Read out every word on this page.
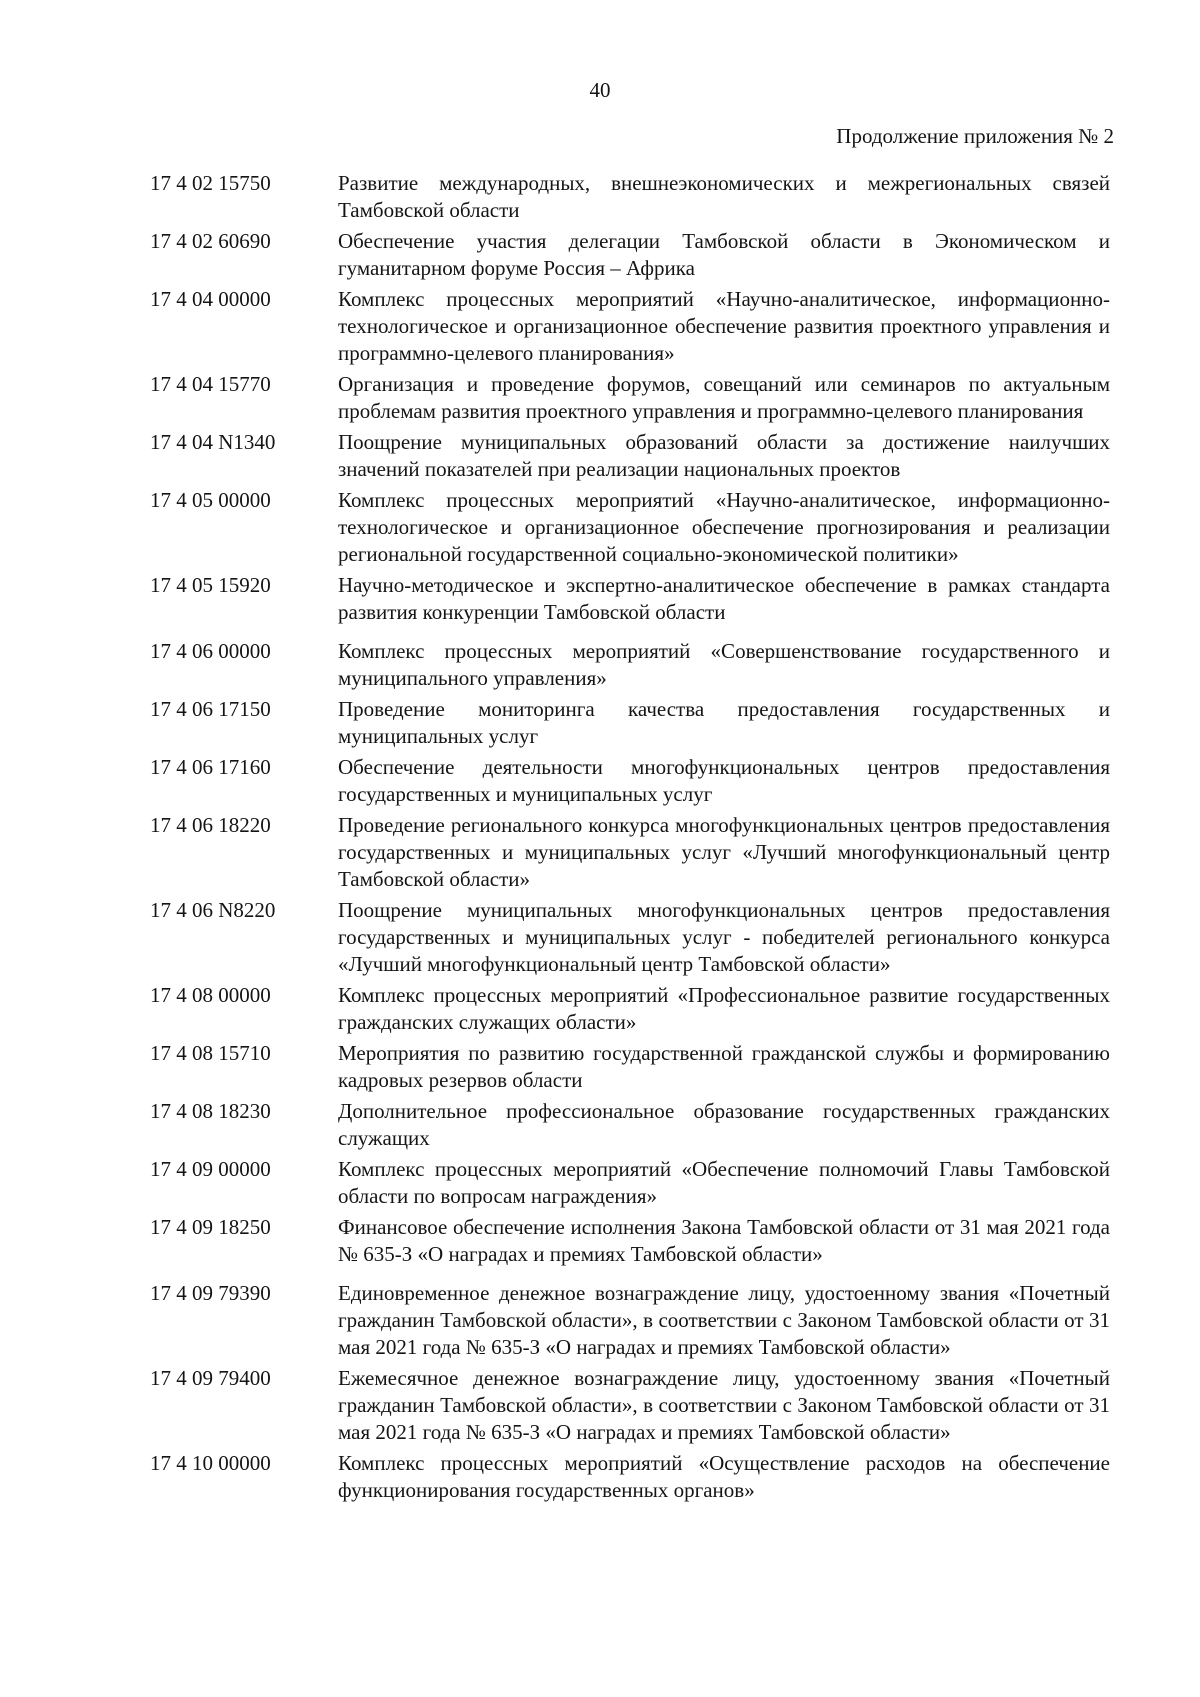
40
Продолжение приложения № 2
17 4 02 15750	Развитие международных, внешнеэкономических и межрегиональных связей Тамбовской области
17 4 02 60690	Обеспечение участия делегации Тамбовской области в Экономическом и гуманитарном форуме Россия – Африка
17 4 04 00000	Комплекс процессных мероприятий «Научно-аналитическое, информационно-технологическое и организационное обеспечение развития проектного управления и программно-целевого планирования»
17 4 04 15770	Организация и проведение форумов, совещаний или семинаров по актуальным проблемам развития проектного управления и программно-целевого планирования
17 4 04 N1340	Поощрение муниципальных образований области за достижение наилучших значений показателей при реализации национальных проектов
17 4 05 00000	Комплекс процессных мероприятий «Научно-аналитическое, информационно-технологическое и организационное обеспечение прогнозирования и реализации региональной государственной социально-экономической политики»
17 4 05 15920	Научно-методическое и экспертно-аналитическое обеспечение в рамках стандарта развития конкуренции Тамбовской области
17 4 06 00000	Комплекс процессных мероприятий «Совершенствование государственного и муниципального управления»
17 4 06 17150	Проведение мониторинга качества предоставления государственных и муниципальных услуг
17 4 06 17160	Обеспечение деятельности многофункциональных центров предоставления государственных и муниципальных услуг
17 4 06 18220	Проведение регионального конкурса многофункциональных центров предоставления государственных и муниципальных услуг «Лучший многофункциональный центр Тамбовской области»
17 4 06 N8220	Поощрение муниципальных многофункциональных центров предоставления государственных и муниципальных услуг - победителей регионального конкурса «Лучший многофункциональный центр Тамбовской области»
17 4 08 00000	Комплекс процессных мероприятий «Профессиональное развитие государственных гражданских служащих области»
17 4 08 15710	Мероприятия по развитию государственной гражданской службы и формированию кадровых резервов области
17 4 08 18230	Дополнительное профессиональное образование государственных гражданских служащих
17 4 09 00000	Комплекс процессных мероприятий «Обеспечение полномочий Главы Тамбовской области по вопросам награждения»
17 4 09 18250	Финансовое обеспечение исполнения Закона Тамбовской области от 31 мая 2021 года № 635-З «О наградах и премиях Тамбовской области»
17 4 09 79390	Единовременное денежное вознаграждение лицу, удостоенному звания «Почетный гражданин Тамбовской области», в соответствии с Законом Тамбовской области от 31 мая 2021 года № 635-З «О наградах и премиях Тамбовской области»
17 4 09 79400	Ежемесячное денежное вознаграждение лицу, удостоенному звания «Почетный гражданин Тамбовской области», в соответствии с Законом Тамбовской области от 31 мая 2021 года № 635-З «О наградах и премиях Тамбовской области»
17 4 10 00000	Комплекс процессных мероприятий «Осуществление расходов на обеспечение функционирования государственных органов»
